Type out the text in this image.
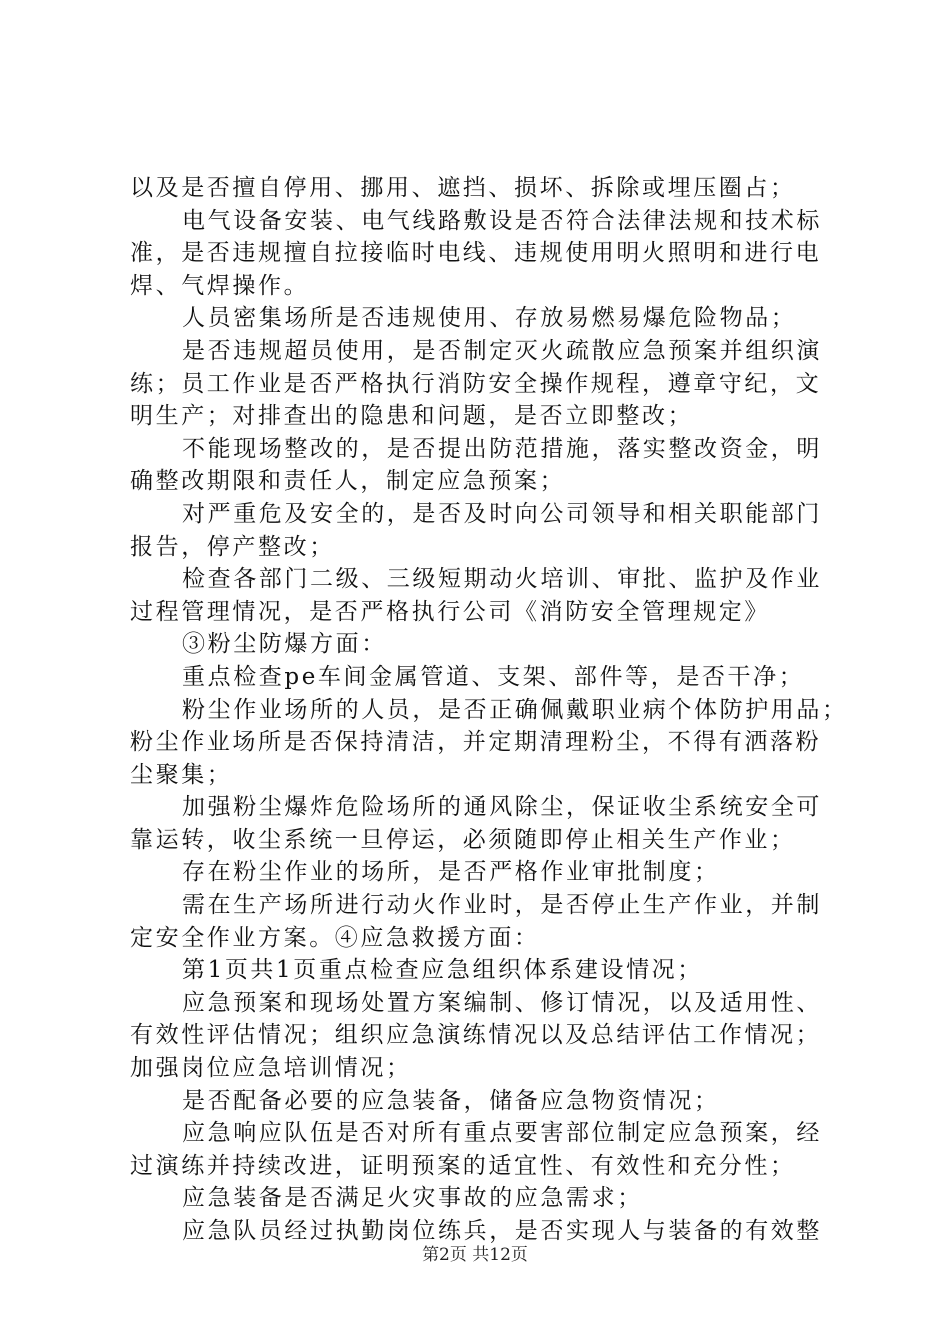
以及是否擅自停用、挪用、遮挡、损坏、拆除或埋压圈占；
电气设备安装、电气线路敷设是否符合法律法规和技术标
准，是否违规擅自拉接临时电线、违规使用明火照明和进行电
焊、气焊操作。
人员密集场所是否违规使用、存放易燃易爆危险物品；
是否违规超员使用，是否制定灭火疏散应急预案并组织演
练；员工作业是否严格执行消防安全操作规程，遵章守纪，文
明生产；对排查出的隐患和问题，是否立即整改；
不能现场整改的，是否提出防范措施，落实整改资金，明
确整改期限和责任人，制定应急预案；
对严重危及安全的，是否及时向公司领导和相关职能部门
报告，停产整改；
检查各部门二级、三级短期动火培训、审批、监护及作业
过程管理情况，是否严格执行公司《消防安全管理规定》
③粉尘防爆方面：
重点检查pe车间金属管道、支架、部件等，是否干净；
粉尘作业场所的人员，是否正确佩戴职业病个体防护用品；
粉尘作业场所是否保持清洁，并定期清理粉尘，不得有洒落粉
尘聚集；
加强粉尘爆炸危险场所的通风除尘，保证收尘系统安全可
靠运转，收尘系统一旦停运，必须随即停止相关生产作业；
存在粉尘作业的场所，是否严格作业审批制度；
需在生产场所进行动火作业时，是否停止生产作业，并制
定安全作业方案。④应急救援方面：
第1页共1页重点检查应急组织体系建设情况；
应急预案和现场处置方案编制、修订情况，以及适用性、
有效性评估情况；组织应急演练情况以及总结评估工作情况；
加强岗位应急培训情况；
是否配备必要的应急装备，储备应急物资情况；
应急响应队伍是否对所有重点要害部位制定应急预案，经
过演练并持续改进，证明预案的适宜性、有效性和充分性；
应急装备是否满足火灾事故的应急需求；
应急队员经过执勤岗位练兵，是否实现人与装备的有效整
第2页 共12页
